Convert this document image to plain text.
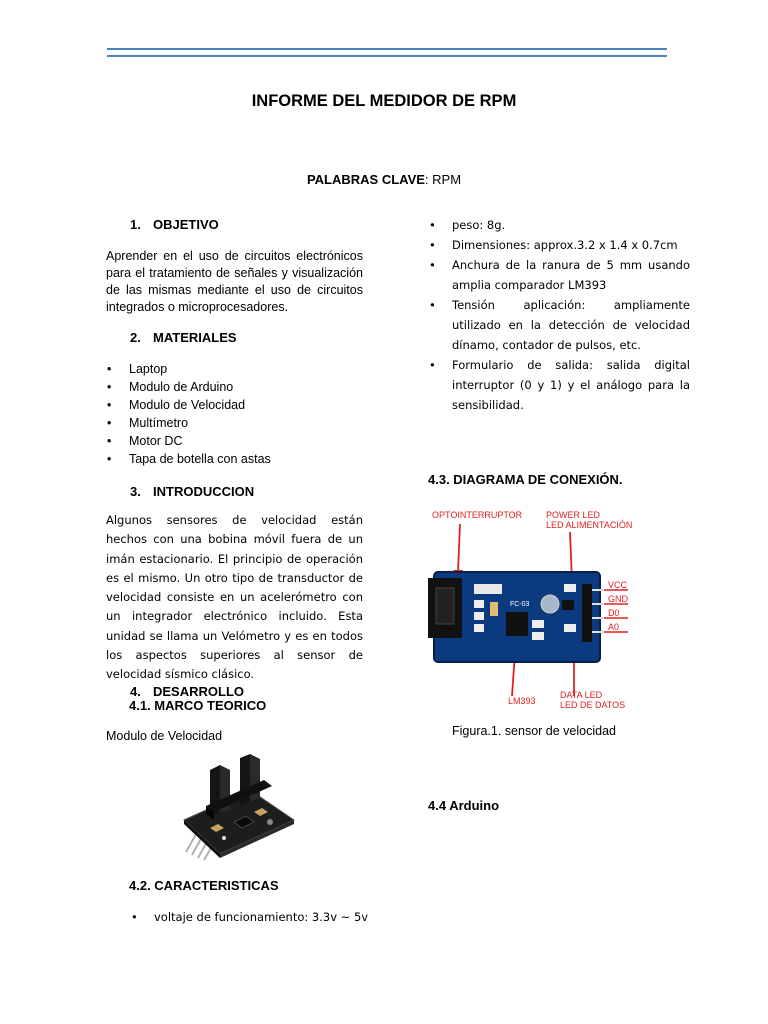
INFORME DEL MEDIDOR DE RPM
PALABRAS CLAVE: RPM
1. OBJETIVO
Aprender en el uso de circuitos electrónicos para el tratamiento de señales y visualización de las mismas mediante el uso de circuitos integrados o microprocesadores.
2. MATERIALES
• Laptop
• Modulo de Arduino
• Modulo de Velocidad
• Multímetro
• Motor DC
• Tapa de botella con astas
3. INTRODUCCION
Algunos sensores de velocidad están hechos con una bobina móvil fuera de un imán estacionario. El principio de operación es el mismo. Un otro tipo de transductor de velocidad consiste en un acelerómetro con un integrador electrónico incluido. Esta unidad se llama un Velómetro y es en todos los aspectos superiores al sensor de velocidad sísmico clásico.
4. DESARROLLO
4.1. MARCO TEORICO
Modulo de Velocidad
4.2. CARACTERISTICAS
• voltaje de funcionamiento: 3.3v ~ 5v
• peso: 8g.
• Dimensiones: approx.3.2 x 1.4 x 0.7cm
• Anchura de la ranura de 5 mm usando amplia comparador LM393
• Tensión aplicación: ampliamente utilizado en la detección de velocidad dínamo, contador de pulsos, etc.
• Formulario de salida: salida digital interruptor (0 y 1) y el análogo para la sensibilidad.
4.3. DIAGRAMA DE CONEXIÓN.
OPTOINTERRUPTOR	POWER LED
LED ALIMENTACIÓN
FC-03
VCC
GND
D0
A0
LM393
DATA LED
LED DE DATOS
Figura.1. sensor de velocidad
4.4 Arduino
